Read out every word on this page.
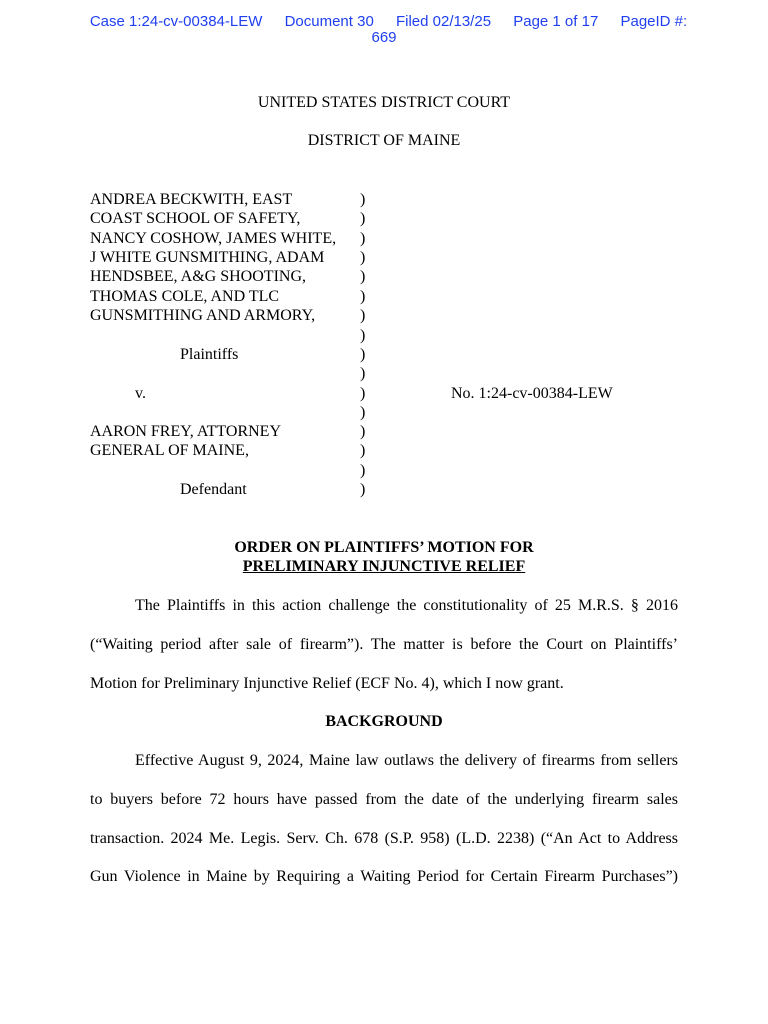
Case 1:24-cv-00384-LEW Document 30 Filed 02/13/25 Page 1 of 17 PageID #:
669
UNITED STATES DISTRICT COURT
DISTRICT OF MAINE
ANDREA BECKWITH, EAST	)
COAST SCHOOL OF SAFETY,	)
NANCY COSHOW, JAMES WHITE, )
J WHITE GUNSMITHING, ADAM )
HENDSBEE, A&G SHOOTING,	)
THOMAS COLE, AND TLC	)
GUNSMITHING AND ARMORY,	)
)
Plaintiffs	)
)
v.	)	No. 1:24-cv-00384-LEW
)
AARON FREY, ATTORNEY	)
GENERAL OF MAINE,	)
)
Defendant	)
ORDER ON PLAINTIFFS’ MOTION FOR
PRELIMINARY INJUNCTIVE RELIEF
The Plaintiffs in this action challenge the constitutionality of 25 M.R.S. § 2016
(“Waiting period after sale of firearm”). The matter is before the Court on Plaintiffs’
Motion for Preliminary Injunctive Relief (ECF No. 4), which I now grant.
BACKGROUND
Effective August 9, 2024, Maine law outlaws the delivery of firearms from sellers
to buyers before 72 hours have passed from the date of the underlying firearm sales
transaction. 2024 Me. Legis. Serv. Ch. 678 (S.P. 958) (L.D. 2238) (“An Act to Address
Gun Violence in Maine by Requiring a Waiting Period for Certain Firearm Purchases”)
